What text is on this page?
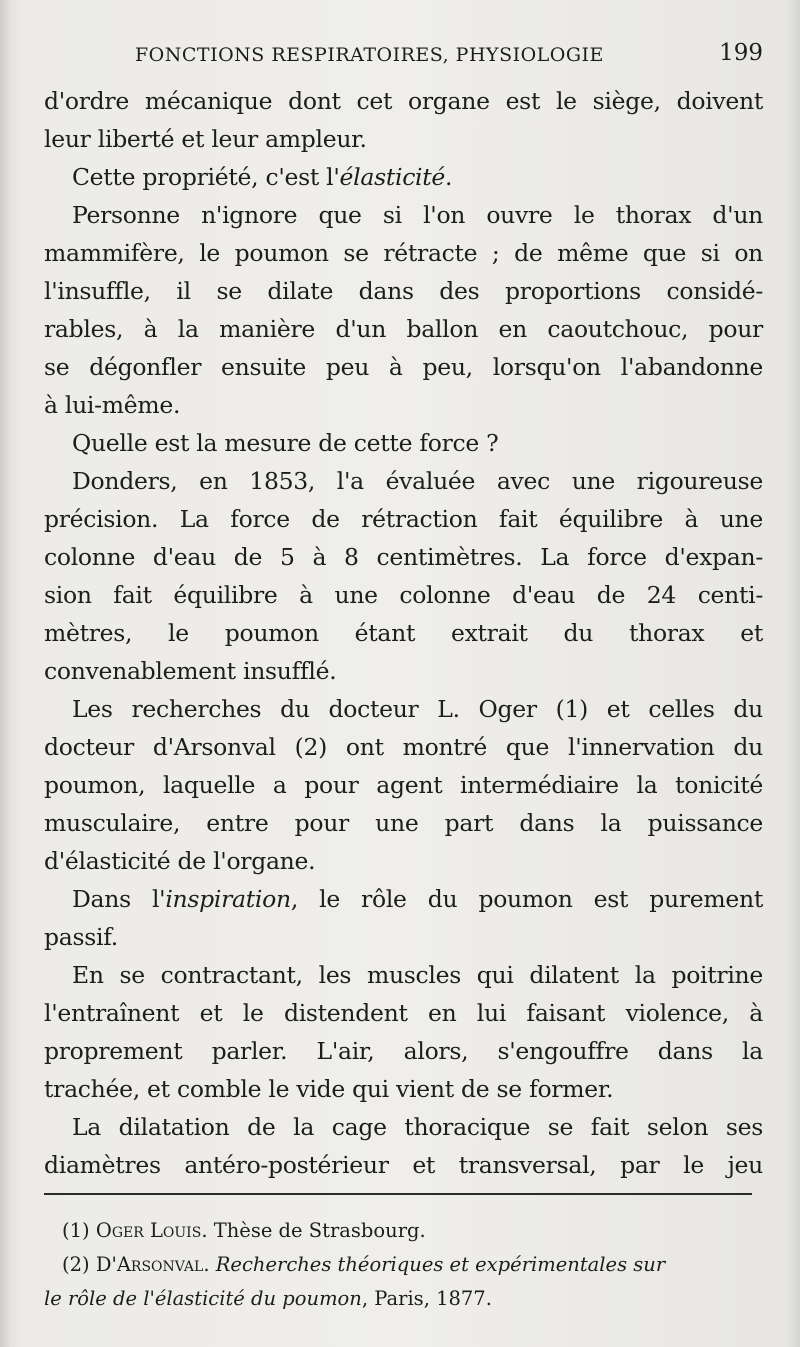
FONCTIONS RESPIRATOIRES, PHYSIOLOGIE	199
d'ordre mécanique dont cet organe est le siège, doivent
leur liberté et leur ampleur.
Cette propriété, c'est l'élasticité.
Personne n'ignore que si l'on ouvre le thorax d'un
mammifère, le poumon se rétracte ; de même que si on
l'insuffle, il se dilate dans des proportions considé-
rables, à la manière d'un ballon en caoutchouc, pour
se dégonfler ensuite peu à peu, lorsqu'on l'abandonne
à lui-même.
Quelle est la mesure de cette force ?
Donders, en 1853, l'a évaluée avec une rigoureuse
précision. La force de rétraction fait équilibre à une
colonne d'eau de 5 à 8 centimètres. La force d'expan-
sion fait équilibre à une colonne d'eau de 24 centi-
mètres, le poumon étant extrait du thorax et
convenablement insufflé.
Les recherches du docteur L. Oger (1) et celles du
docteur d'Arsonval (2) ont montré que l'innervation du
poumon, laquelle a pour agent intermédiaire la tonicité
musculaire, entre pour une part dans la puissance
d'élasticité de l'organe.
Dans l'inspiration, le rôle du poumon est purement
passif.
En se contractant, les muscles qui dilatent la poitrine
l'entraînent et le distendent en lui faisant violence, à
proprement parler. L'air, alors, s'engouffre dans la
trachée, et comble le vide qui vient de se former.
La dilatation de la cage thoracique se fait selon ses
diamètres antéro-postérieur et transversal, par le jeu
(1) Oger Louis. Thèse de Strasbourg.
(2) D'Arsonval. Recherches théoriques et expérimentales sur
le rôle de l'élasticité du poumon, Paris, 1877.
